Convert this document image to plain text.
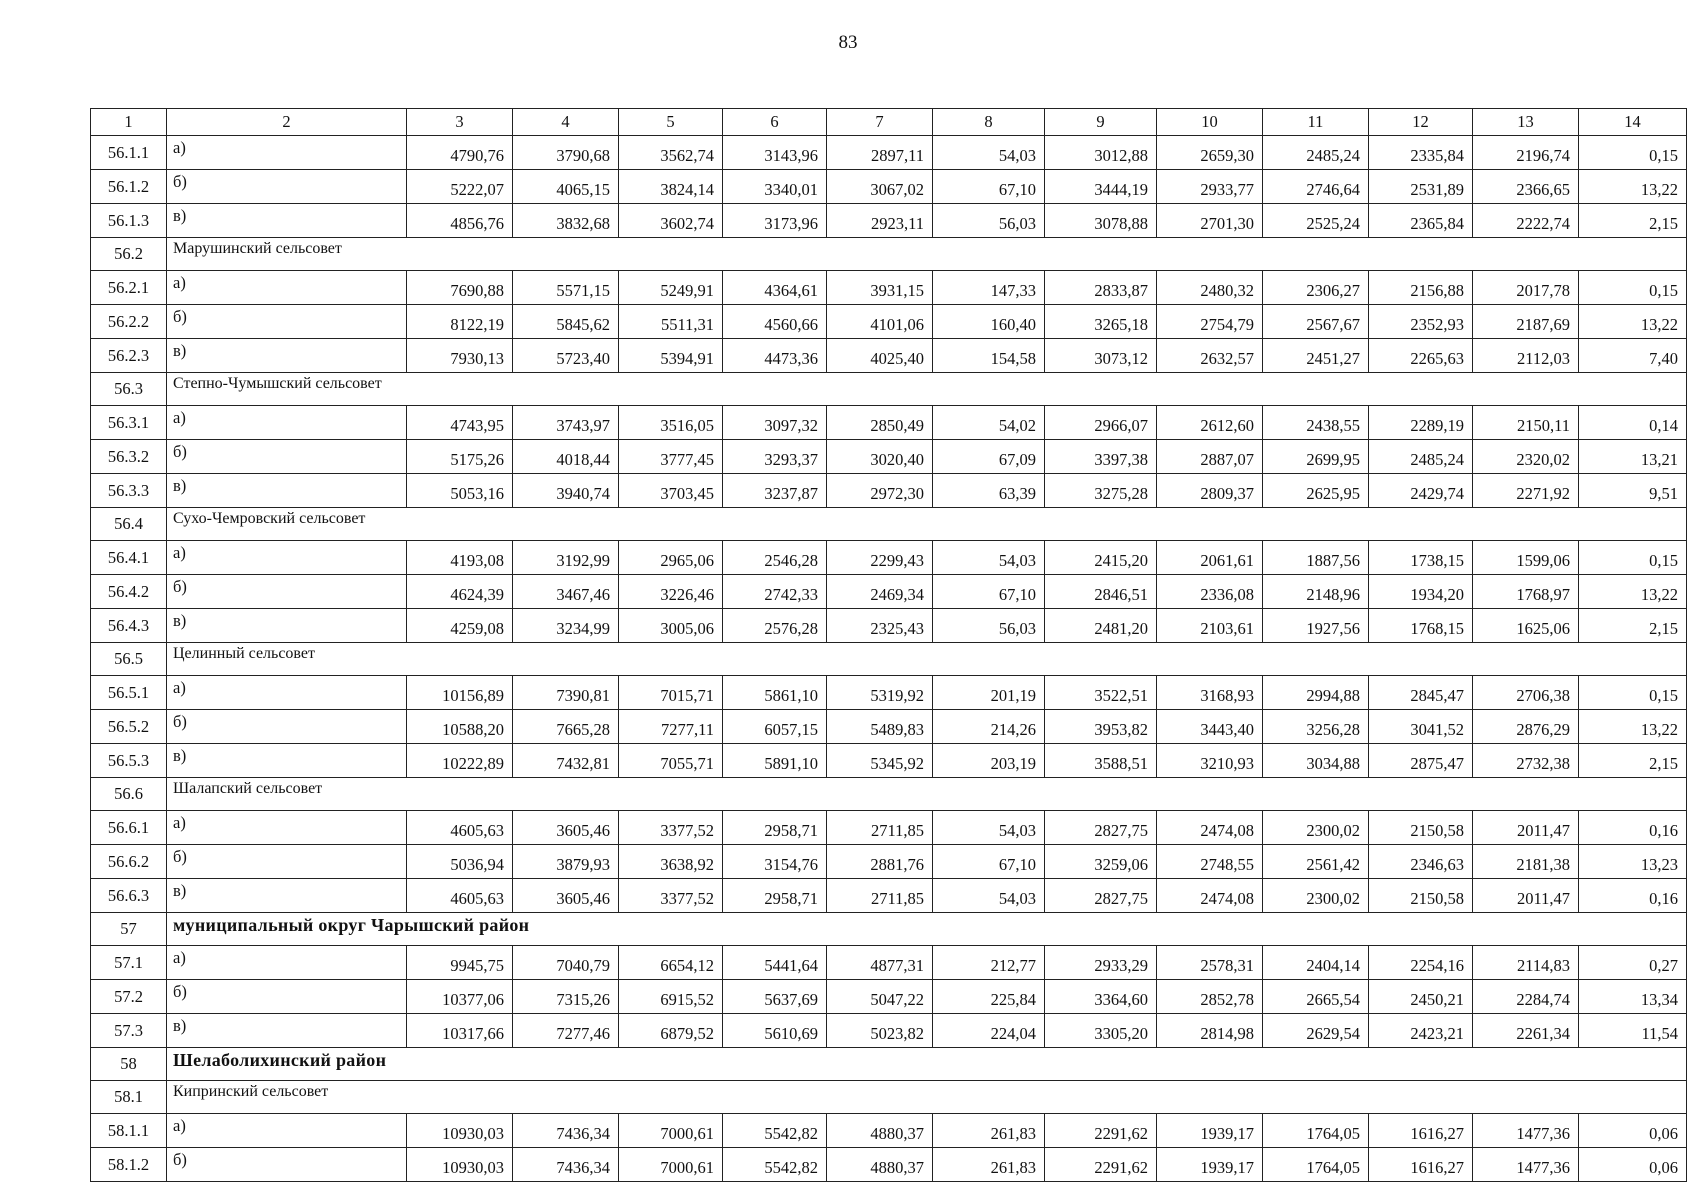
83
1	2	3	4	5	6	7	8	9	10	11	12	13	14
56.1.1	а)	4790,76	3790,68	3562,74	3143,96	2897,11	54,03	3012,88	2659,30	2485,24	2335,84	2196,74	0,15
56.1.2	б)	5222,07	4065,15	3824,14	3340,01	3067,02	67,10	3444,19	2933,77	2746,64	2531,89	2366,65	13,22
56.1.3	в)	4856,76	3832,68	3602,74	3173,96	2923,11	56,03	3078,88	2701,30	2525,24	2365,84	2222,74	2,15
56.2	Марушинский сельсовет												
56.2.1	а)	7690,88	5571,15	5249,91	4364,61	3931,15	147,33	2833,87	2480,32	2306,27	2156,88	2017,78	0,15
56.2.2	б)	8122,19	5845,62	5511,31	4560,66	4101,06	160,40	3265,18	2754,79	2567,67	2352,93	2187,69	13,22
56.2.3	в)	7930,13	5723,40	5394,91	4473,36	4025,40	154,58	3073,12	2632,57	2451,27	2265,63	2112,03	7,40
56.3	Степно-Чумышский сельсовет												
56.3.1	а)	4743,95	3743,97	3516,05	3097,32	2850,49	54,02	2966,07	2612,60	2438,55	2289,19	2150,11	0,14
56.3.2	б)	5175,26	4018,44	3777,45	3293,37	3020,40	67,09	3397,38	2887,07	2699,95	2485,24	2320,02	13,21
56.3.3	в)	5053,16	3940,74	3703,45	3237,87	2972,30	63,39	3275,28	2809,37	2625,95	2429,74	2271,92	9,51
56.4	Сухо-Чемровский сельсовет												
56.4.1	а)	4193,08	3192,99	2965,06	2546,28	2299,43	54,03	2415,20	2061,61	1887,56	1738,15	1599,06	0,15
56.4.2	б)	4624,39	3467,46	3226,46	2742,33	2469,34	67,10	2846,51	2336,08	2148,96	1934,20	1768,97	13,22
56.4.3	в)	4259,08	3234,99	3005,06	2576,28	2325,43	56,03	2481,20	2103,61	1927,56	1768,15	1625,06	2,15
56.5	Целинный сельсовет												
56.5.1	а)	10156,89	7390,81	7015,71	5861,10	5319,92	201,19	3522,51	3168,93	2994,88	2845,47	2706,38	0,15
56.5.2	б)	10588,20	7665,28	7277,11	6057,15	5489,83	214,26	3953,82	3443,40	3256,28	3041,52	2876,29	13,22
56.5.3	в)	10222,89	7432,81	7055,71	5891,10	5345,92	203,19	3588,51	3210,93	3034,88	2875,47	2732,38	2,15
56.6	Шалапский сельсовет												
56.6.1	а)	4605,63	3605,46	3377,52	2958,71	2711,85	54,03	2827,75	2474,08	2300,02	2150,58	2011,47	0,16
56.6.2	б)	5036,94	3879,93	3638,92	3154,76	2881,76	67,10	3259,06	2748,55	2561,42	2346,63	2181,38	13,23
56.6.3	в)	4605,63	3605,46	3377,52	2958,71	2711,85	54,03	2827,75	2474,08	2300,02	2150,58	2011,47	0,16
57	муниципальный округ Чарышский район												
57.1	а)	9945,75	7040,79	6654,12	5441,64	4877,31	212,77	2933,29	2578,31	2404,14	2254,16	2114,83	0,27
57.2	б)	10377,06	7315,26	6915,52	5637,69	5047,22	225,84	3364,60	2852,78	2665,54	2450,21	2284,74	13,34
57.3	в)	10317,66	7277,46	6879,52	5610,69	5023,82	224,04	3305,20	2814,98	2629,54	2423,21	2261,34	11,54
58	Шелаболихинский район												
58.1	Кипринский сельсовет												
58.1.1	а)	10930,03	7436,34	7000,61	5542,82	4880,37	261,83	2291,62	1939,17	1764,05	1616,27	1477,36	0,06
58.1.2	б)	10930,03	7436,34	7000,61	5542,82	4880,37	261,83	2291,62	1939,17	1764,05	1616,27	1477,36	0,06
